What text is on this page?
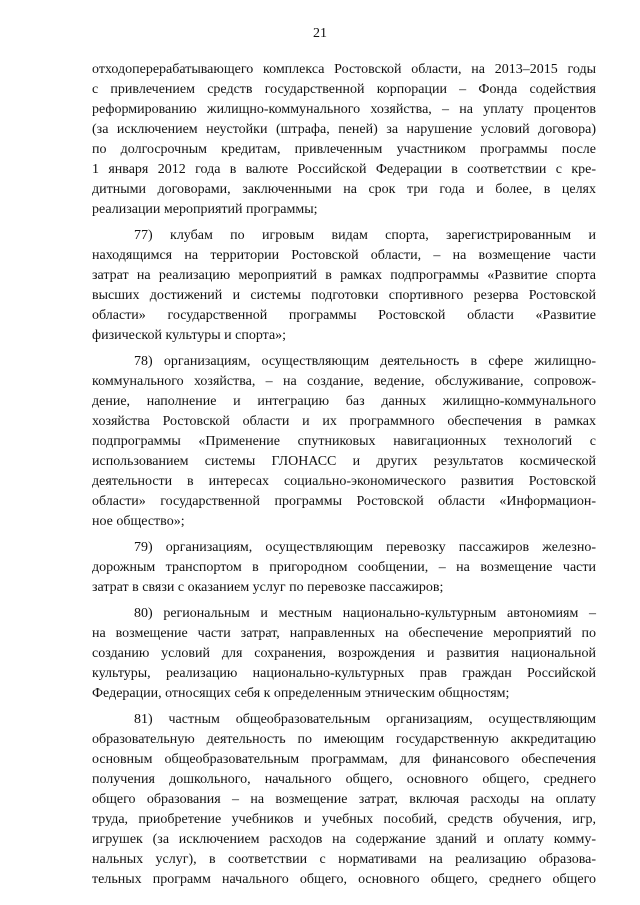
21

отходоперерабатывающего комплекса Ростовской области, на 2013–2015 годы
с привлечением средств государственной корпорации – Фонда содействия
реформированию жилищно-коммунального хозяйства, – на уплату процентов
(за исключением неустойки (штрафа, пеней) за нарушение условий договора)
по долгосрочным кредитам, привлеченным участником программы после
1 января 2012 года в валюте Российской Федерации в соответствии с кре-
дитными договорами, заключенными на срок три года и более, в целях
реализации мероприятий программы;

77) клубам по игровым видам спорта, зарегистрированным и
находящимся на территории Ростовской области, – на возмещение части
затрат на реализацию мероприятий в рамках подпрограммы «Развитие спорта
высших достижений и системы подготовки спортивного резерва Ростовской
области» государственной программы Ростовской области «Развитие
физической культуры и спорта»;

78) организациям, осуществляющим деятельность в сфере жилищно-
коммунального хозяйства, – на создание, ведение, обслуживание, сопровож-
дение, наполнение и интеграцию баз данных жилищно-коммунального
хозяйства Ростовской области и их программного обеспечения в рамках
подпрограммы «Применение спутниковых навигационных технологий с
использованием системы ГЛОНАСС и других результатов космической
деятельности в интересах социально-экономического развития Ростовской
области» государственной программы Ростовской области «Информацион-
ное общество»;

79) организациям, осуществляющим перевозку пассажиров железно-
дорожным транспортом в пригородном сообщении, – на возмещение части
затрат в связи с оказанием услуг по перевозке пассажиров;

80) региональным и местным национально-культурным автономиям –
на возмещение части затрат, направленных на обеспечение мероприятий по
созданию условий для сохранения, возрождения и развития национальной
культуры, реализацию национально-культурных прав граждан Российской
Федерации, относящих себя к определенным этническим общностям;

81) частным общеобразовательным организациям, осуществляющим
образовательную деятельность по имеющим государственную аккредитацию
основным общеобразовательным программам, для финансового обеспечения
получения дошкольного, начального общего, основного общего, среднего
общего образования – на возмещение затрат, включая расходы на оплату
труда, приобретение учебников и учебных пособий, средств обучения, игр,
игрушек (за исключением расходов на содержание зданий и оплату комму-
нальных услуг), в соответствии с нормативами на реализацию образова-
тельных программ начального общего, основного общего, среднего общего
